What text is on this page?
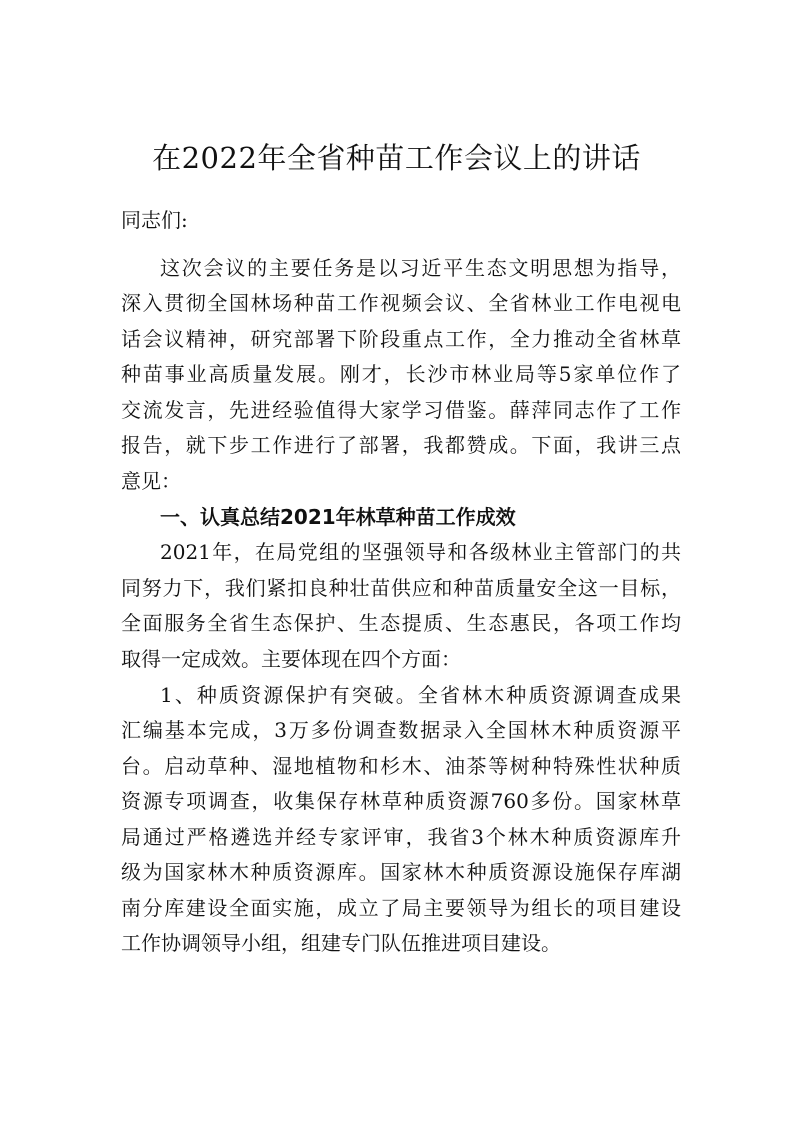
在2022年全省种苗工作会议上的讲话
同志们:
这次会议的主要任务是以习近平生态文明思想为指导，
深入贯彻全国林场种苗工作视频会议、全省林业工作电视电
话会议精神，研究部署下阶段重点工作，全力推动全省林草
种苗事业高质量发展。刚才，长沙市林业局等5家单位作了
交流发言，先进经验值得大家学习借鉴。薛萍同志作了工作
报告，就下步工作进行了部署，我都赞成。下面，我讲三点
意见：
一、认真总结2021年林草种苗工作成效
2021年，在局党组的坚强领导和各级林业主管部门的共
同努力下，我们紧扣良种壮苗供应和种苗质量安全这一目标，
全面服务全省生态保护、生态提质、生态惠民，各项工作均
取得一定成效。主要体现在四个方面：
1、种质资源保护有突破。全省林木种质资源调查成果
汇编基本完成，3万多份调查数据录入全国林木种质资源平
台。启动草种、湿地植物和杉木、油茶等树种特殊性状种质
资源专项调查，收集保存林草种质资源760多份。国家林草
局通过严格遴选并经专家评审，我省3个林木种质资源库升
级为国家林木种质资源库。国家林木种质资源设施保存库湖
南分库建设全面实施，成立了局主要领导为组长的项目建设
工作协调领导小组，组建专门队伍推进项目建设。
